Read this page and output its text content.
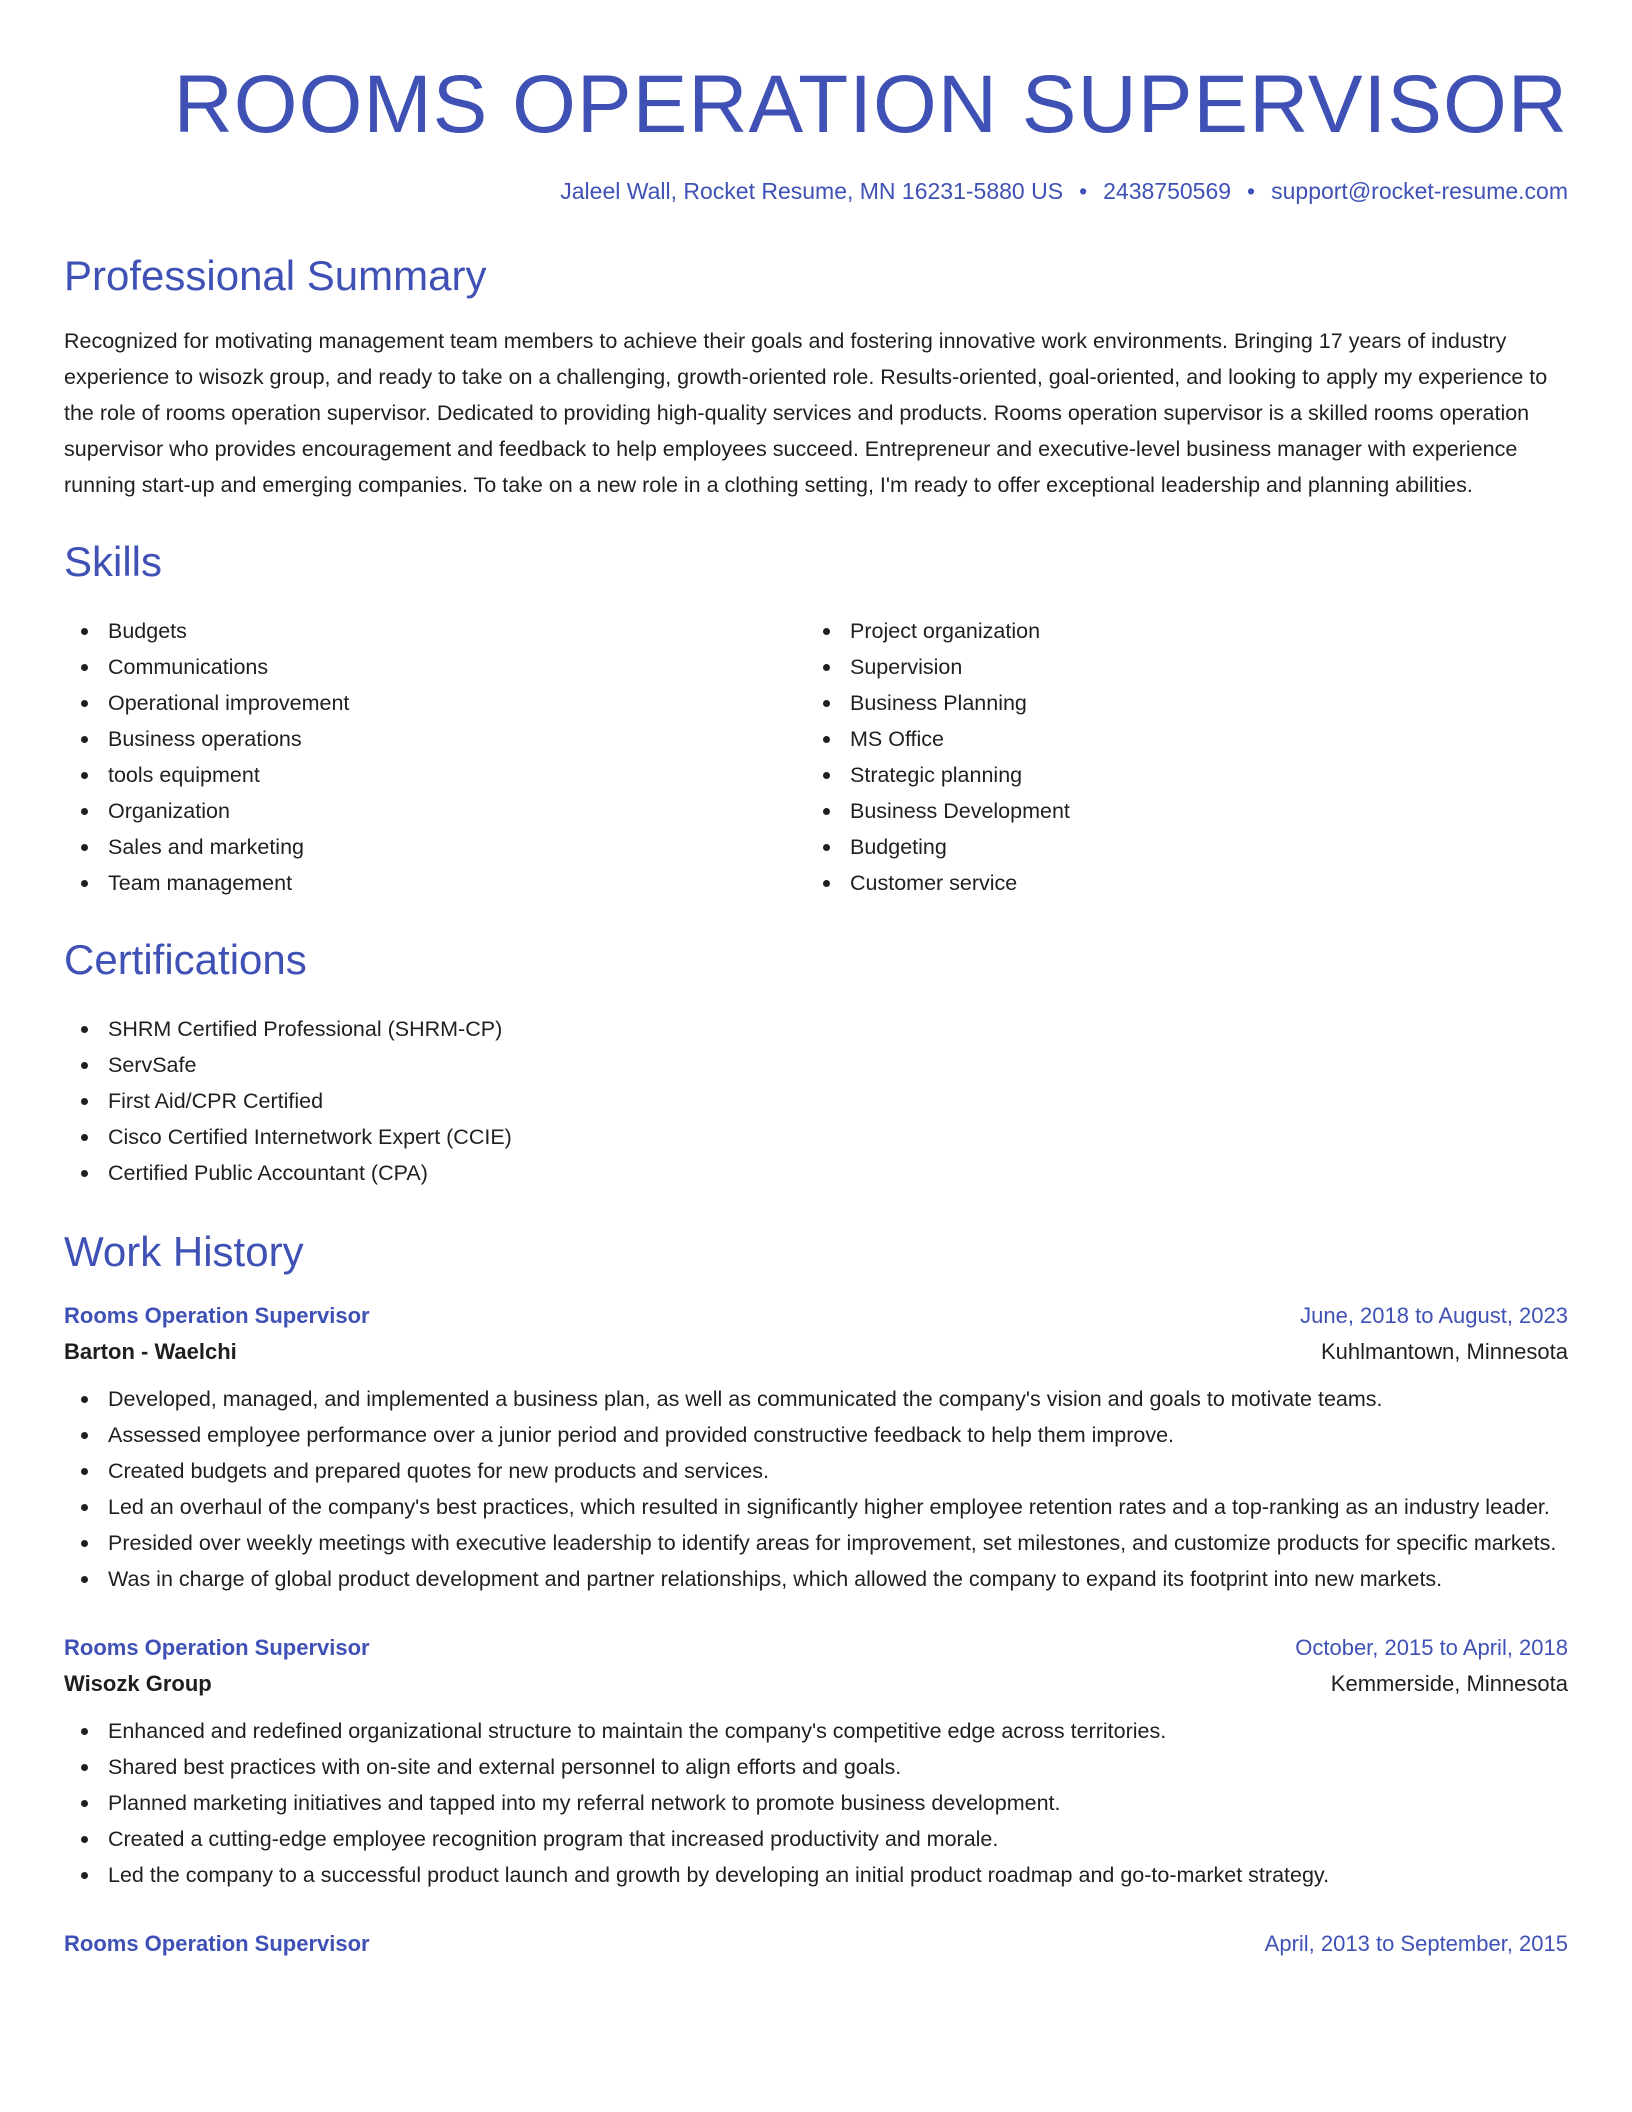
ROOMS OPERATION SUPERVISOR
Jaleel Wall, Rocket Resume, MN 16231-5880 US • 2438750569 • support@rocket-resume.com
Professional Summary
Recognized for motivating management team members to achieve their goals and fostering innovative work environments. Bringing 17 years of industry experience to wisozk group, and ready to take on a challenging, growth-oriented role. Results-oriented, goal-oriented, and looking to apply my experience to the role of rooms operation supervisor. Dedicated to providing high-quality services and products. Rooms operation supervisor is a skilled rooms operation supervisor who provides encouragement and feedback to help employees succeed. Entrepreneur and executive-level business manager with experience running start-up and emerging companies. To take on a new role in a clothing setting, I'm ready to offer exceptional leadership and planning abilities.
Skills
Budgets
Communications
Operational improvement
Business operations
tools equipment
Organization
Sales and marketing
Team management
Project organization
Supervision
Business Planning
MS Office
Strategic planning
Business Development
Budgeting
Customer service
Certifications
SHRM Certified Professional (SHRM-CP)
ServSafe
First Aid/CPR Certified
Cisco Certified Internetwork Expert (CCIE)
Certified Public Accountant (CPA)
Work History
Rooms Operation Supervisor	June, 2018 to August, 2023
Barton - Waelchi	Kuhlmantown, Minnesota
Developed, managed, and implemented a business plan, as well as communicated the company's vision and goals to motivate teams.
Assessed employee performance over a junior period and provided constructive feedback to help them improve.
Created budgets and prepared quotes for new products and services.
Led an overhaul of the company's best practices, which resulted in significantly higher employee retention rates and a top-ranking as an industry leader.
Presided over weekly meetings with executive leadership to identify areas for improvement, set milestones, and customize products for specific markets.
Was in charge of global product development and partner relationships, which allowed the company to expand its footprint into new markets.
Rooms Operation Supervisor	October, 2015 to April, 2018
Wisozk Group	Kemmerside, Minnesota
Enhanced and redefined organizational structure to maintain the company's competitive edge across territories.
Shared best practices with on-site and external personnel to align efforts and goals.
Planned marketing initiatives and tapped into my referral network to promote business development.
Created a cutting-edge employee recognition program that increased productivity and morale.
Led the company to a successful product launch and growth by developing an initial product roadmap and go-to-market strategy.
Rooms Operation Supervisor	April, 2013 to September, 2015
